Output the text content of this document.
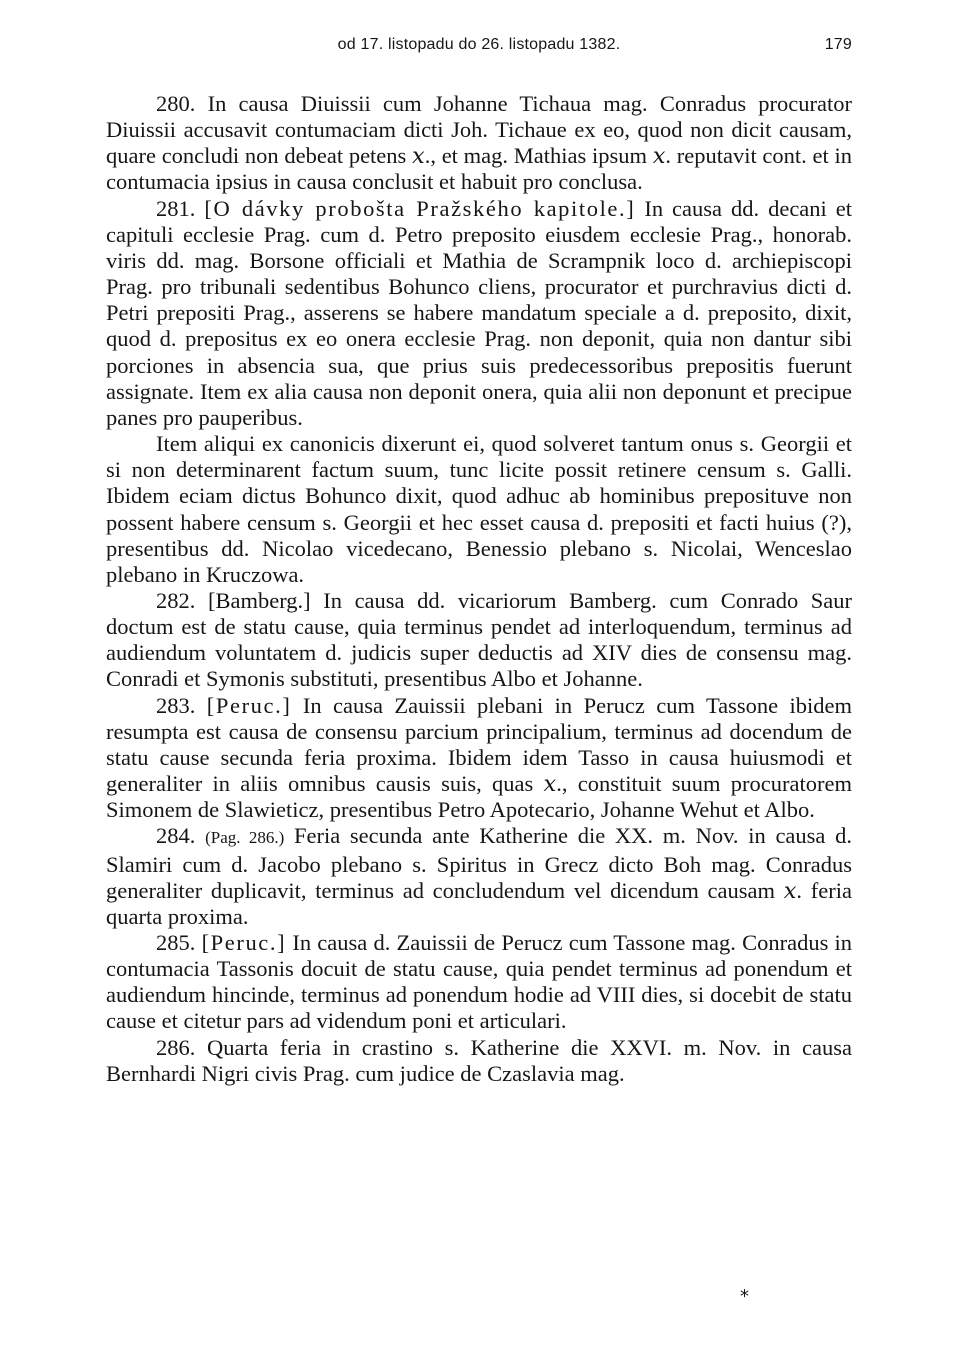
od 17. listopadu do 26. listopadu 1382.	179

280. In causa Diuissii cum Johanne Tichaua mag. Conradus procurator Diuissii accusavit contumaciam dicti Joh. Tichaue ex eo, quod non dicit causam, quare concludi non debeat petens 𝑥., et mag. Mathias ipsum 𝑥. reputavit cont. et in contumacia ipsius in causa conclusit et habuit pro conclusa.

281. [O dávky probošta Pražského kapitole.] In causa dd. decani et capituli ecclesie Prag. cum d. Petro preposito eiusdem ecclesie Prag., honorab. viris dd. mag. Borsone officiali et Mathia de Scrampnik loco d. archiepiscopi Prag. pro tribunali sedentibus Bohunco cliens, procurator et purchravius dicti d. Petri prepositi Prag., asserens se habere mandatum speciale a d. preposito, dixit, quod d. prepositus ex eo onera ecclesie Prag. non deponit, quia non dantur sibi porciones in absencia sua, que prius suis predecessoribus prepositis fuerunt assignate. Item ex alia causa non deponit onera, quia alii non deponunt et precipue panes pro pauperibus.

Item aliqui ex canonicis dixerunt ei, quod solveret tantum onus s. Georgii et si non determinarent factum suum, tunc licite possit retinere censum s. Galli. Ibidem eciam dictus Bohunco dixit, quod adhuc ab hominibus preposituve non possent habere censum s. Georgii et hec esset causa d. prepositi et facti huius (?), presentibus dd. Nicolao vicedecano, Benessio plebano s. Nicolai, Wenceslao plebano in Kruczowa.

282. [Bamberg.] In causa dd. vicariorum Bamberg. cum Conrado Saur doctum est de statu cause, quia terminus pendet ad interloquendum, terminus ad audiendum voluntatem d. judicis super deductis ad XIV dies de consensu mag. Conradi et Symonis substituti, presentibus Albo et Johanne.

283. [Peruc.] In causa Zauissii plebani in Perucz cum Tassone ibidem resumpta est causa de consensu parcium principalium, terminus ad docendum de statu cause secunda feria proxima. Ibidem idem Tasso in causa huiusmodi et generaliter in aliis omnibus causis suis, quas 𝑥., constituit suum procuratorem Simonem de Slawieticz, presentibus Petro Apotecario, Johanne Wehut et Albo.

284. (Pag. 286.) Feria secunda ante Katherine die XX. m. Nov. in causa d. Slamiri cum d. Jacobo plebano s. Spiritus in Grecz dicto Boh mag. Conradus generaliter duplicavit, terminus ad concludendum vel dicendum causam 𝑥. feria quarta proxima.

285. [Peruc.] In causa d. Zauissii de Perucz cum Tassone mag. Conradus in contumacia Tassonis docuit de statu cause, quia pendet terminus ad ponendum et audiendum hincinde, terminus ad ponendum hodie ad VIII dies, si docebit de statu cause et citetur pars ad videndum poni et articulari.

286. Quarta feria in crastino s. Katherine die XXVI. m. Nov. in causa Bernhardi Nigri civis Prag. cum judice de Czaslavia mag.

*
